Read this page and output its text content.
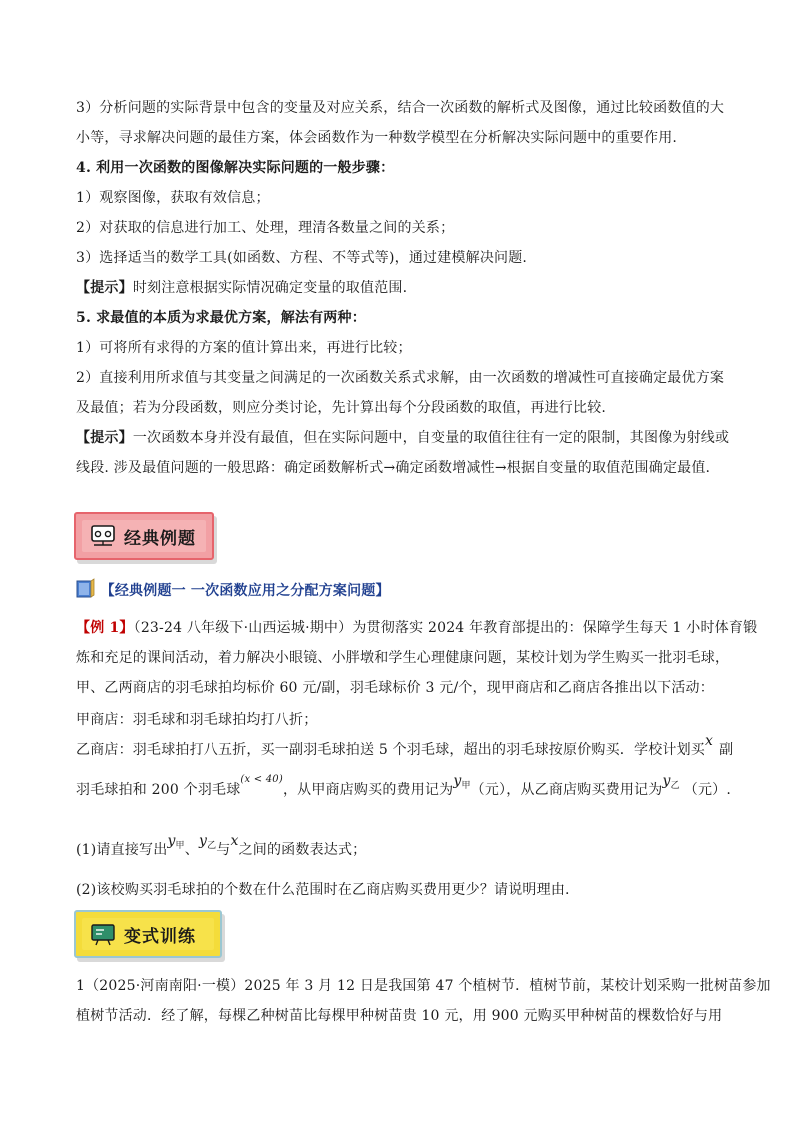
3）分析问题的实际背景中包含的变量及对应关系，结合一次函数的解析式及图像，通过比较函数值的大
小等，寻求解决问题的最佳方案，体会函数作为一种数学模型在分析解决实际问题中的重要作用.
4. 利用一次函数的图像解决实际问题的一般步骤：
1）观察图像，获取有效信息；
2）对获取的信息进行加工、处理，理清各数量之间的关系；
3）选择适当的数学工具(如函数、方程、不等式等)，通过建模解决问题.
【提示】时刻注意根据实际情况确定变量的取值范围.
5. 求最值的本质为求最优方案，解法有两种：
1）可将所有求得的方案的值计算出来，再进行比较；
2）直接利用所求值与其变量之间满足的一次函数关系式求解，由一次函数的增减性可直接确定最优方案
及最值；若为分段函数，则应分类讨论，先计算出每个分段函数的取值，再进行比较.
【提示】一次函数本身并没有最值，但在实际问题中，自变量的取值往往有一定的限制，其图像为射线或
线段. 涉及最值问题的一般思路：确定函数解析式→确定函数增减性→根据自变量的取值范围确定最值.
经典例题
【经典例题一 一次函数应用之分配方案问题】
【例 1】（23-24 八年级下·山西运城·期中）为贯彻落实 2024 年教育部提出的：保障学生每天 1 小时体育锻
炼和充足的课间活动，着力解决小眼镜、小胖墩和学生心理健康问题，某校计划为学生购买一批羽毛球，
甲、乙两商店的羽毛球拍均标价 60 元/副，羽毛球标价 3 元/个，现甲商店和乙商店各推出以下活动：
甲商店：羽毛球和羽毛球拍均打八折；
乙商店：羽毛球拍打八五折，买一副羽毛球拍送 5 个羽毛球，超出的羽毛球按原价购买．学校计划买x副
羽毛球拍和 200 个羽毛球$^{(x < 40)}$，从甲商店购买的费用记为$y_甲$（元），从乙商店购买费用记为$y_乙$ （元）.
(1)请直接写出$y_甲$、$y_乙$与x之间的函数表达式；
(2)该校购买羽毛球拍的个数在什么范围时在乙商店购买费用更少？请说明理由.
变式训练
1（2025·河南南阳·一模）2025 年 3 月 12 日是我国第 47 个植树节．植树节前，某校计划采购一批树苗参加
植树节活动．经了解，每棵乙种树苗比每棵甲种树苗贵 10 元，用 900 元购买甲种树苗的棵数恰好与用
